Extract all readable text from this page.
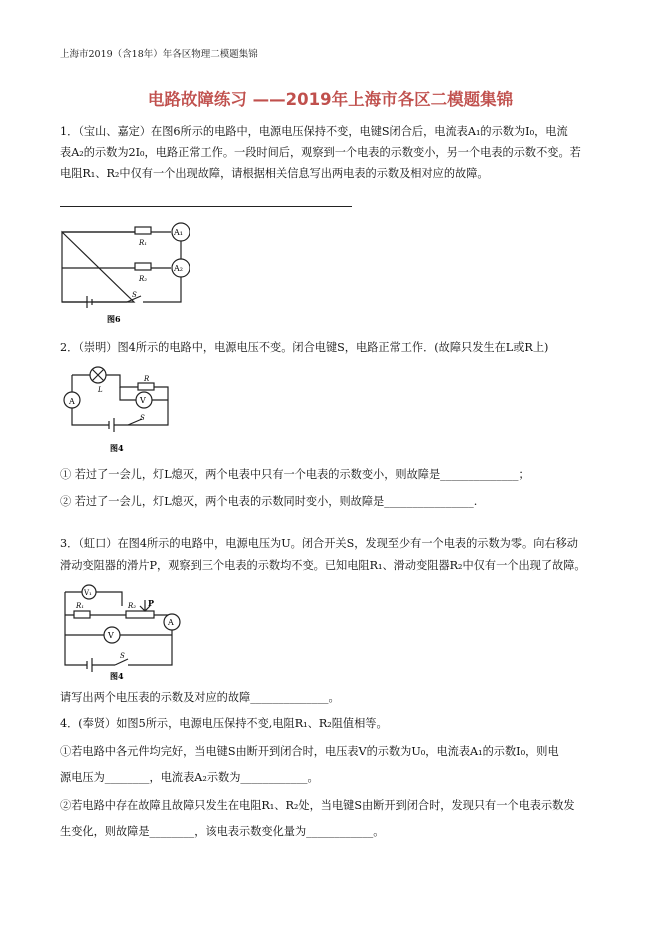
上海市2019（含18年）年各区物理二模题集锦
电路故障练习 ——2019年上海市各区二模题集锦
1．（宝山、嘉定）在图6所示的电路中，电源电压保持不变，电键S闭合后，电流表A₁的示数为I₀，电流
表A₂的示数为2I₀，电路正常工作。一段时间后，观察到一个电表的示数变小，另一个电表的示数不变。若
电阻R₁、R₂中仅有一个出现故障，请根据相关信息写出两电表的示数及相对应的故障。
R₁
R₂
A₁
A₂
S
图6
2．（崇明）图4所示的电路中，电源电压不变。闭合电键S，电路正常工作．(故障只发生在L或R上)
A	V
L
R
S
图4
① 若过了一会儿，灯L熄灭，两个电表中只有一个电表的示数变小，则故障是______________；
② 若过了一会儿，灯L熄灭，两个电表的示数同时变小，则故障是________________.
3．（虹口）在图4所示的电路中，电源电压为U。闭合开关S，发现至少有一个电表的示数为零。向右移动
滑动变阻器的滑片P，观察到三个电表的示数均不变。已知电阻R₁、滑动变阻器R₂中仅有一个出现了故障。
V₁
V
A
R₁	R₂ P
S
图4
请写出两个电压表的示数及对应的故障______________。
4．(奉贤）如图5所示，电源电压保持不变,电阻R₁、R₂阻值相等。
①若电路中各元件均完好，当电键S由断开到闭合时，电压表V的示数为U₀，电流表A₁的示数I₀，则电
源电压为________，电流表A₂示数为____________。
②若电路中存在故障且故障只发生在电阻R₁、R₂处，当电键S由断开到闭合时，发现只有一个电表示数发
生变化，则故障是________，该电表示数变化量为____________。
